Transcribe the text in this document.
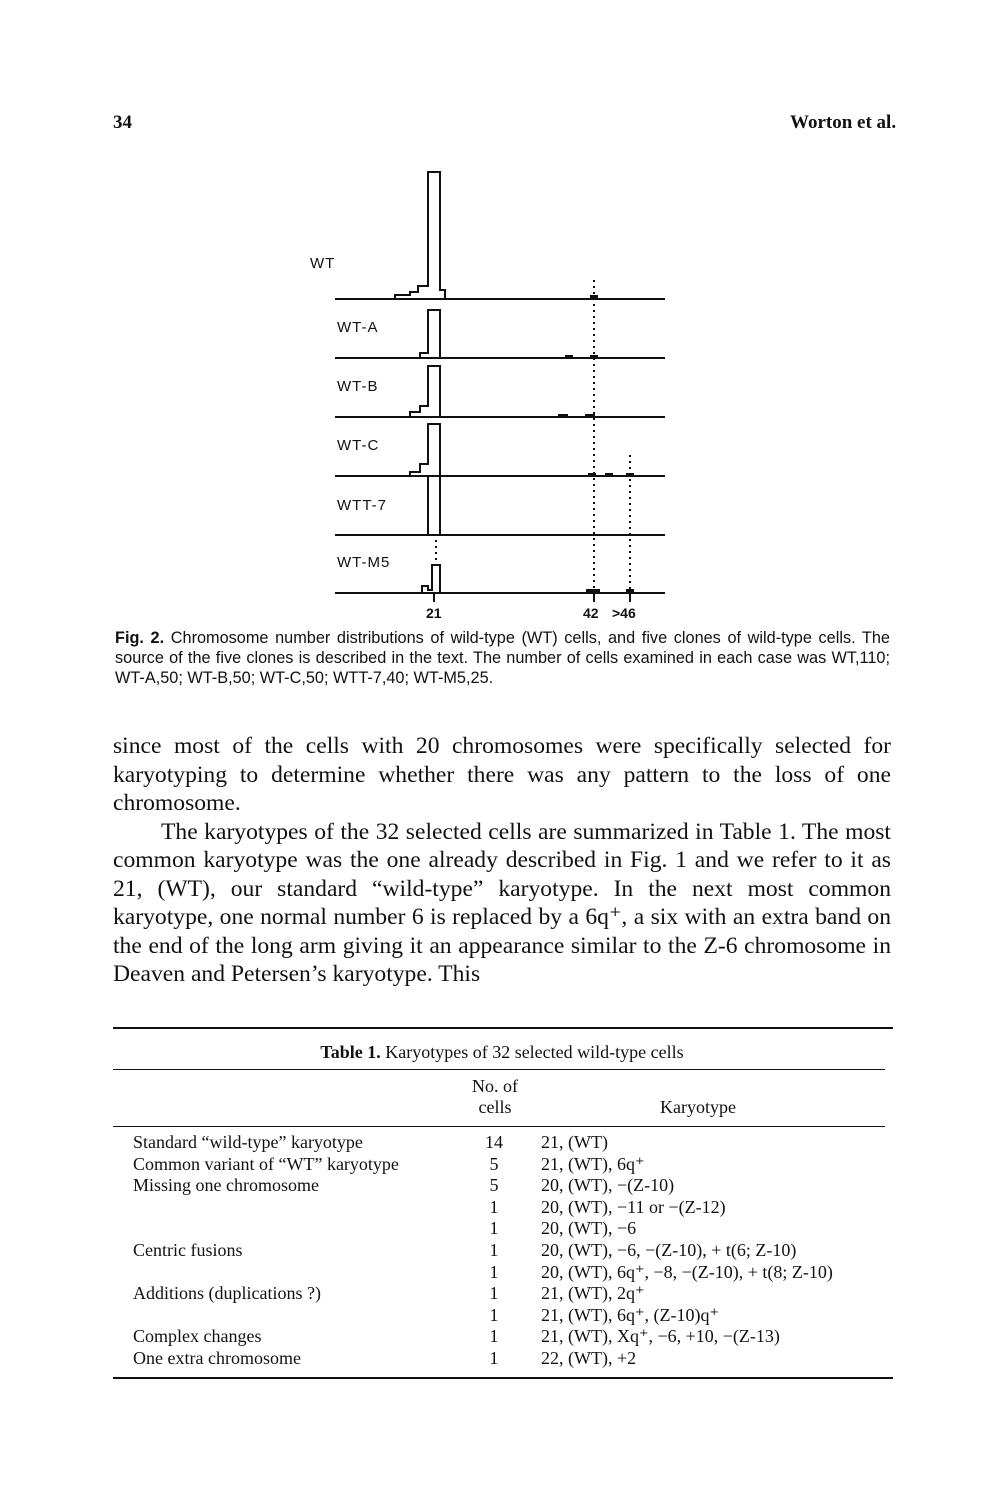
34	Worton et al.
WT
WT-A
WT-B
WT-C
WTT-7
WT-M5
21	42 >46
Fig. 2. Chromosome number distributions of wild-type (WT) cells, and five clones of wild-type cells. The source of the five clones is described in the text. The number of cells examined in each case was WT,110; WT-A,50; WT-B,50; WT-C,50; WTT-7,40; WT-M5,25.

since most of the cells with 20 chromosomes were specifically selected for karyotyping to determine whether there was any pattern to the loss of one chromosome.

The karyotypes of the 32 selected cells are summarized in Table 1. The most common karyotype was the one already described in Fig. 1 and we refer to it as 21, (WT), our standard “wild-type” karyotype. In the next most common karyotype, one normal number 6 is replaced by a 6q⁺, a six with an extra band on the end of the long arm giving it an appearance similar to the Z-6 chromosome in Deaven and Petersen’s karyotype. This

Table 1. Karyotypes of 32 selected wild-type cells
No. of
cells	Karyotype
Standard “wild-type” karyotype	14	21, (WT)
Common variant of “WT” karyotype	5	21, (WT), 6q⁺
Missing one chromosome	5	20, (WT), −(Z-10)
1	20, (WT), −11 or −(Z-12)
1	20, (WT), −6
Centric fusions	1	20, (WT), −6, −(Z-10), + t(6; Z-10)
1	20, (WT), 6q⁺, −8, −(Z-10), + t(8; Z-10)
Additions (duplications ?)	1	21, (WT), 2q⁺
1	21, (WT), 6q⁺, (Z-10)q⁺
Complex changes	1	21, (WT), Xq⁺, −6, +10, −(Z-13)
One extra chromosome	1	22, (WT), +2
